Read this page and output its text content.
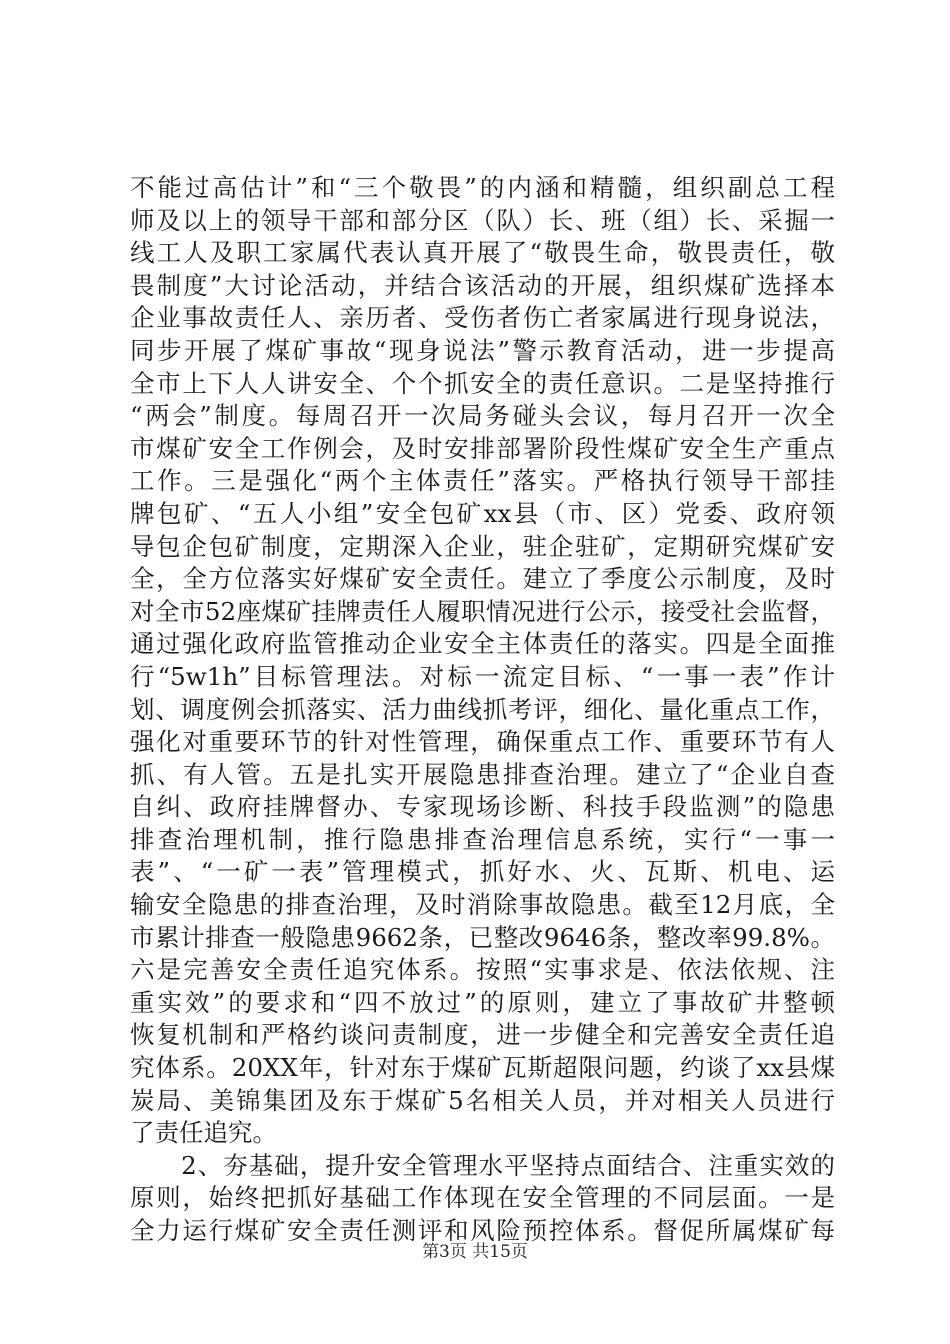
不能过高估计”和“三个敬畏”的内涵和精髓，组织副总工程
师及以上的领导干部和部分区（队）长、班（组）长、采掘一
线工人及职工家属代表认真开展了“敬畏生命，敬畏责任，敬
畏制度”大讨论活动，并结合该活动的开展，组织煤矿选择本
企业事故责任人、亲历者、受伤者伤亡者家属进行现身说法，
同步开展了煤矿事故“现身说法”警示教育活动，进一步提高
全市上下人人讲安全、个个抓安全的责任意识。二是坚持推行
“两会”制度。每周召开一次局务碰头会议，每月召开一次全
市煤矿安全工作例会，及时安排部署阶段性煤矿安全生产重点
工作。三是强化“两个主体责任”落实。严格执行领导干部挂
牌包矿、“五人小组”安全包矿xx县（市、区）党委、政府领
导包企包矿制度，定期深入企业，驻企驻矿，定期研究煤矿安
全，全方位落实好煤矿安全责任。建立了季度公示制度，及时
对全市52座煤矿挂牌责任人履职情况进行公示，接受社会监督，
通过强化政府监管推动企业安全主体责任的落实。四是全面推
行“5w1h”目标管理法。对标一流定目标、“一事一表”作计
划、调度例会抓落实、活力曲线抓考评，细化、量化重点工作，
强化对重要环节的针对性管理，确保重点工作、重要环节有人
抓、有人管。五是扎实开展隐患排查治理。建立了“企业自查
自纠、政府挂牌督办、专家现场诊断、科技手段监测”的隐患
排查治理机制，推行隐患排查治理信息系统，实行“一事一
表”、“一矿一表”管理模式，抓好水、火、瓦斯、机电、运
输安全隐患的排查治理，及时消除事故隐患。截至12月底，全
市累计排查一般隐患9662条，已整改9646条，整改率99.8%。
六是完善安全责任追究体系。按照“实事求是、依法依规、注
重实效”的要求和“四不放过”的原则，建立了事故矿井整顿
恢复机制和严格约谈问责制度，进一步健全和完善安全责任追
究体系。20XX年，针对东于煤矿瓦斯超限问题，约谈了xx县煤
炭局、美锦集团及东于煤矿5名相关人员，并对相关人员进行
了责任追究。
　　2、夯基础，提升安全管理水平坚持点面结合、注重实效的
原则，始终把抓好基础工作体现在安全管理的不同层面。一是
全力运行煤矿安全责任测评和风险预控体系。督促所属煤矿每
第3页 共15页
